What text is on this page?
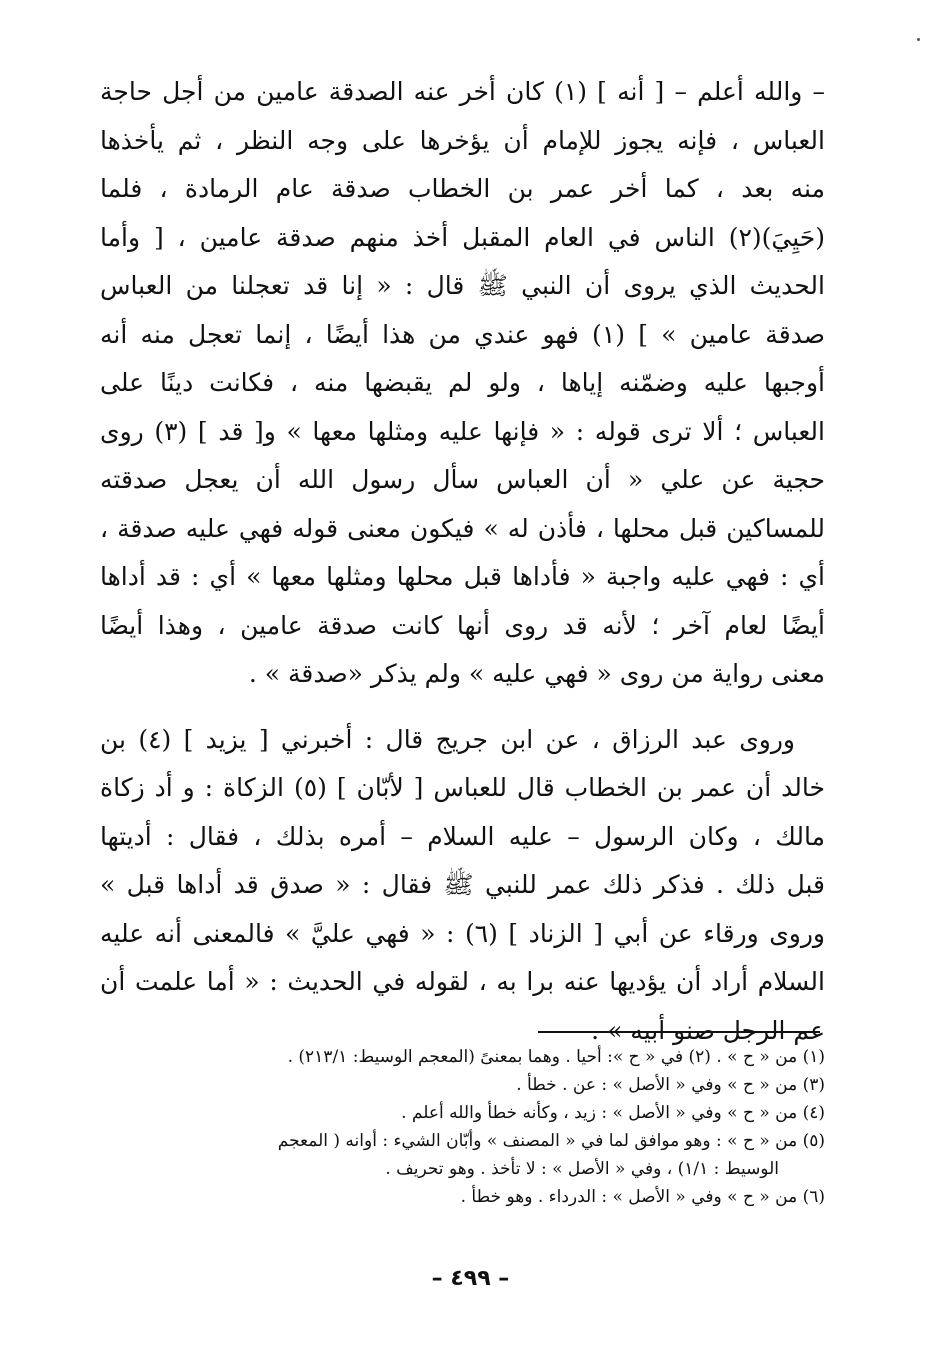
– والله أعلم – [ أنه ] (١) كان أخر عنه الصدقة عامين من أجل حاجة
العباس ، فإنه يجوز للإمام أن يؤخرها على وجه النظر ، ثم يأخذها
منه بعد ، كما أخر عمر بن الخطاب صدقة عام الرمادة ، فلما
(حَيِيَ)(٢) الناس في العام المقبل أخذ منهم صدقة عامين ، [ وأما
الحديث الذي يروى أن النبي ﷺ قال : « إنا قد تعجلنا من العباس
صدقة عامين » ] (١) فهو عندي من هذا أيضًا ، إنما تعجل منه أنه
أوجبها عليه وضمّنه إياها ، ولو لم يقبضها منه ، فكانت دينًا على
العباس ؛ ألا ترى قوله : « فإنها عليه ومثلها معها » و[ قد ] (٣) روى
حجية عن علي « أن العباس سأل رسول الله أن يعجل صدقته
للمساكين قبل محلها ، فأذن له » فيكون معنى قوله فهي عليه صدقة ،
أي : فهي عليه واجبة « فأداها قبل محلها ومثلها معها » أي : قد أداها
أيضًا لعام آخر ؛ لأنه قد روى أنها كانت صدقة عامين ، وهذا أيضًا
معنى رواية من روى « فهي عليه » ولم يذكر «صدقة » .
وروى عبد الرزاق ، عن ابن جريج قال : أخبرني [ يزيد ] (٤) بن
خالد أن عمر بن الخطاب قال للعباس [ لأبّان ] (٥) الزكاة : و أد زكاة
مالك ، وكان الرسول – عليه السلام – أمره بذلك ، فقال : أديتها
قبل ذلك . فذكر ذلك عمر للنبي ﷺ فقال : « صدق قد أداها قبل »
وروى ورقاء عن أبي [ الزناد ] (٦) : « فهي عليَّ » فالمعنى أنه عليه
السلام أراد أن يؤديها عنه برا به ، لقوله في الحديث : « أما علمت أن
عم الرجل صنو أبيه » .
(١) من « ح » . (٢) في « ح »: أحيا . وهما بمعنىً (المعجم الوسيط: ٢١٣/١) .
(٣) من « ح » وفي « الأصل » : عن . خطأ .
(٤) من « ح » وفي « الأصل » : زيد ، وكأنه خطأ والله أعلم .
(٥) من « ح » : وهو موافق لما في « المصنف » وأبّان الشيء : أوانه ( المعجم
الوسيط : ١/١) ، وفي « الأصل » : لا تأخذ . وهو تحريف .
(٦) من « ح » وفي « الأصل » : الدرداء . وهو خطأ .
– ٤٩٩ –
